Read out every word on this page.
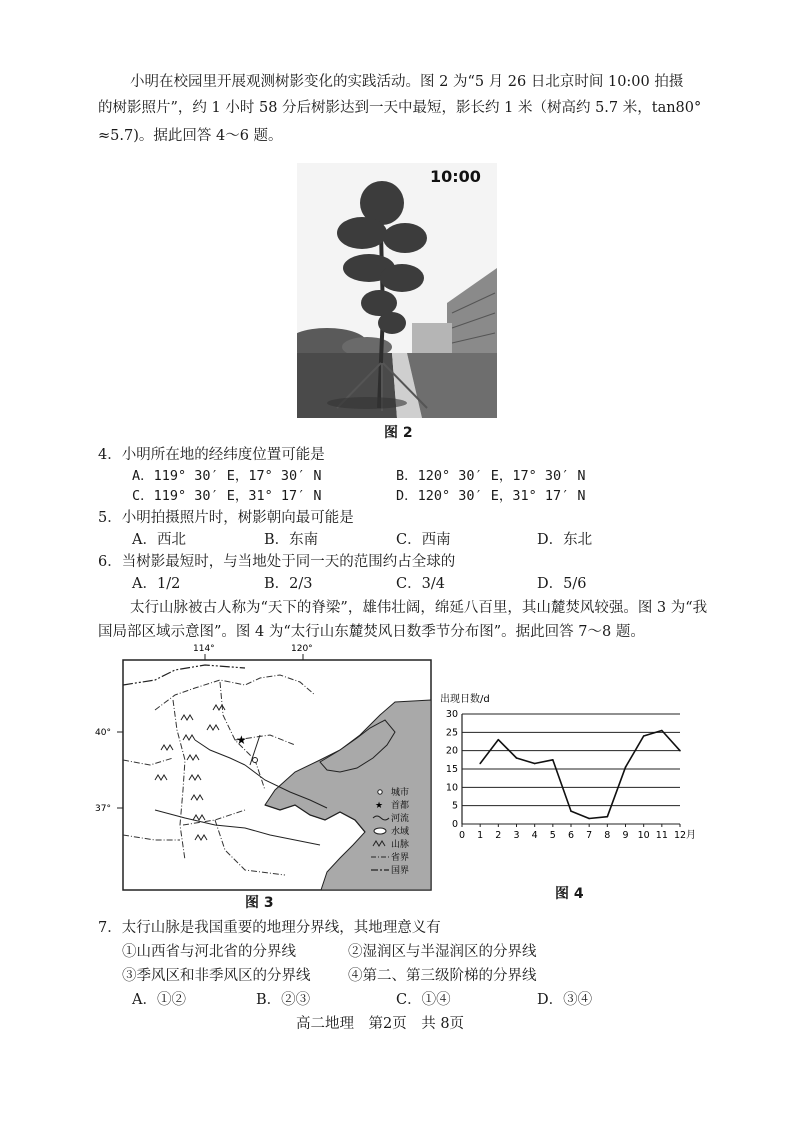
小明在校园里开展观测树影变化的实践活动。图 2 为“5 月 26 日北京时间 10:00 拍摄
的树影照片”，约 1 小时 58 分后树影达到一天中最短，影长约 1 米（树高约 5.7 米，tan80°
≈5.7)。据此回答 4～6 题。
10:00
图 2
4．小明所在地的经纬度位置可能是
A．119° 30′ E，17° 30′ N	B．120° 30′ E，17° 30′ N
C．119° 30′ E，31° 17′ N	D．120° 30′ E，31° 17′ N
5．小明拍摄照片时，树影朝向最可能是
A．西北	B．东南	C．西南	D．东北
6．当树影最短时，与当地处于同一天的范围约占全球的
A．1/2	B．2/3	C．3/4	D．5/6
太行山脉被古人称为“天下的脊梁”，雄伟壮阔，绵延八百里，其山麓焚风较强。图 3 为“我
国局部区域示意图”。图 4 为“太行山东麓焚风日数季节分布图”。据此回答 7～8 题。
114°	120°
40°
37°
★
城市
★ 首都
河流
水域
山脉
省界
国界
图 3
出现日数/d
0
5
10
15
20
25
30
0 1 2 3 4 5 6 7 8 9 10 11 12 月
图 4
7．太行山脉是我国重要的地理分界线，其地理意义有
①山西省与河北省的分界线	②湿润区与半湿润区的分界线
③季风区和非季风区的分界线	④第二、第三级阶梯的分界线
A．①②	B．②③	C．①④	D．③④
高二地理　第2页　共 8页
